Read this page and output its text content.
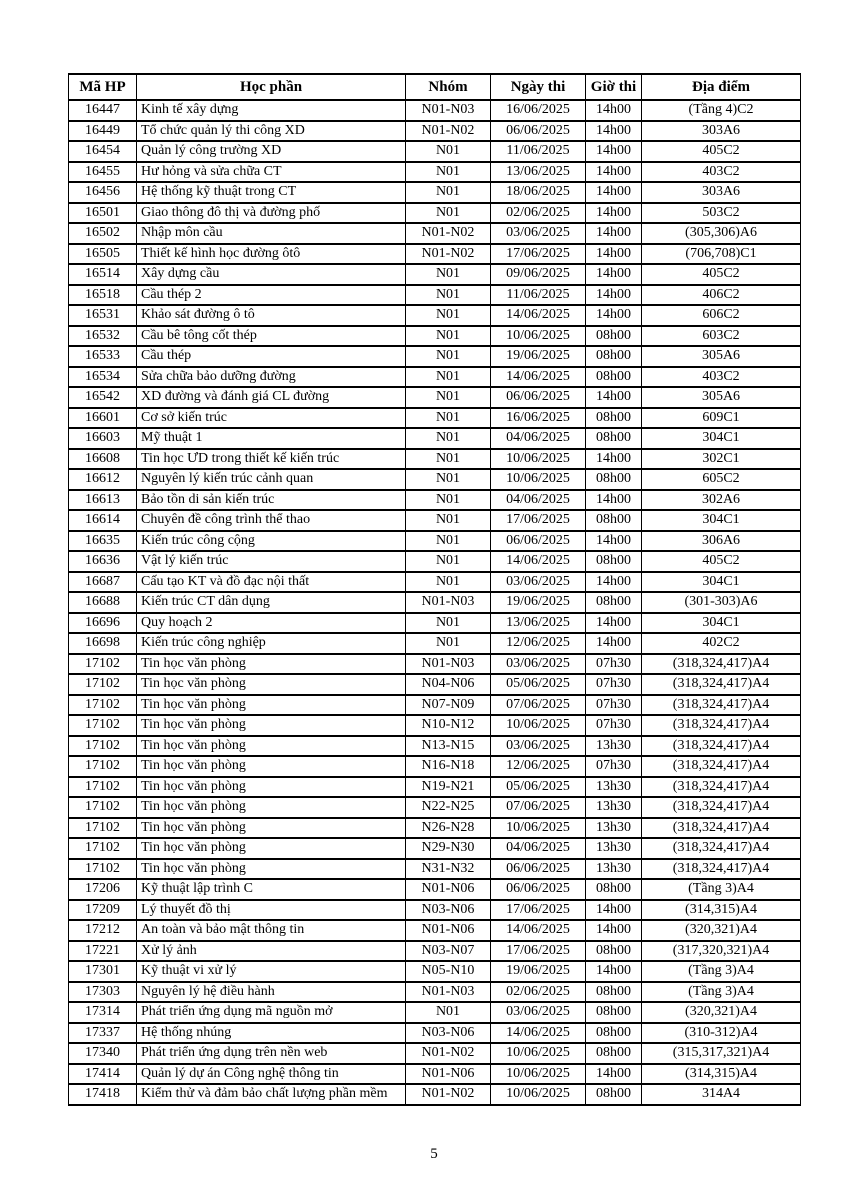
Mã HP	Học phần	Nhóm	Ngày thi	Giờ thi	Địa điểm
16447	Kinh tế xây dựng	N01-N03	16/06/2025	14h00	(Tầng 4)C2
16449	Tổ chức quản lý thi công XD	N01-N02	06/06/2025	14h00	303A6
16454	Quản lý công trường XD	N01	11/06/2025	14h00	405C2
16455	Hư hỏng và sửa chữa CT	N01	13/06/2025	14h00	403C2
16456	Hệ thống kỹ thuật trong CT	N01	18/06/2025	14h00	303A6
16501	Giao thông đô thị và đường phố	N01	02/06/2025	14h00	503C2
16502	Nhập môn cầu	N01-N02	03/06/2025	14h00	(305,306)A6
16505	Thiết kế hình học đường ôtô	N01-N02	17/06/2025	14h00	(706,708)C1
16514	Xây dựng cầu	N01	09/06/2025	14h00	405C2
16518	Cầu thép 2	N01	11/06/2025	14h00	406C2
16531	Khảo sát đường ô tô	N01	14/06/2025	14h00	606C2
16532	Cầu bê tông cốt thép	N01	10/06/2025	08h00	603C2
16533	Cầu thép	N01	19/06/2025	08h00	305A6
16534	Sửa chữa bảo dưỡng đường	N01	14/06/2025	08h00	403C2
16542	XD đường và đánh giá CL đường	N01	06/06/2025	14h00	305A6
16601	Cơ sở kiến trúc	N01	16/06/2025	08h00	609C1
16603	Mỹ thuật 1	N01	04/06/2025	08h00	304C1
16608	Tin học ƯD trong thiết kế kiến trúc	N01	10/06/2025	14h00	302C1
16612	Nguyên lý kiến trúc cảnh quan	N01	10/06/2025	08h00	605C2
16613	Bảo tồn di sản kiến trúc	N01	04/06/2025	14h00	302A6
16614	Chuyên đề công trình thể thao	N01	17/06/2025	08h00	304C1
16635	Kiến trúc công cộng	N01	06/06/2025	14h00	306A6
16636	Vật lý kiến trúc	N01	14/06/2025	08h00	405C2
16687	Cấu tạo KT và đồ đạc nội thất	N01	03/06/2025	14h00	304C1
16688	Kiến trúc CT dân dụng	N01-N03	19/06/2025	08h00	(301-303)A6
16696	Quy hoạch 2	N01	13/06/2025	14h00	304C1
16698	Kiến trúc công nghiệp	N01	12/06/2025	14h00	402C2
17102	Tin học văn phòng	N01-N03	03/06/2025	07h30	(318,324,417)A4
17102	Tin học văn phòng	N04-N06	05/06/2025	07h30	(318,324,417)A4
17102	Tin học văn phòng	N07-N09	07/06/2025	07h30	(318,324,417)A4
17102	Tin học văn phòng	N10-N12	10/06/2025	07h30	(318,324,417)A4
17102	Tin học văn phòng	N13-N15	03/06/2025	13h30	(318,324,417)A4
17102	Tin học văn phòng	N16-N18	12/06/2025	07h30	(318,324,417)A4
17102	Tin học văn phòng	N19-N21	05/06/2025	13h30	(318,324,417)A4
17102	Tin học văn phòng	N22-N25	07/06/2025	13h30	(318,324,417)A4
17102	Tin học văn phòng	N26-N28	10/06/2025	13h30	(318,324,417)A4
17102	Tin học văn phòng	N29-N30	04/06/2025	13h30	(318,324,417)A4
17102	Tin học văn phòng	N31-N32	06/06/2025	13h30	(318,324,417)A4
17206	Kỹ thuật lập trình C	N01-N06	06/06/2025	08h00	(Tầng 3)A4
17209	Lý thuyết đồ thị	N03-N06	17/06/2025	14h00	(314,315)A4
17212	An toàn và bảo mật thông tin	N01-N06	14/06/2025	14h00	(320,321)A4
17221	Xử lý ảnh	N03-N07	17/06/2025	08h00	(317,320,321)A4
17301	Kỹ thuật vi xử lý	N05-N10	19/06/2025	14h00	(Tầng 3)A4
17303	Nguyên lý hệ điều hành	N01-N03	02/06/2025	08h00	(Tầng 3)A4
17314	Phát triển ứng dụng mã nguồn mở	N01	03/06/2025	08h00	(320,321)A4
17337	Hệ thống nhúng	N03-N06	14/06/2025	08h00	(310-312)A4
17340	Phát triển ứng dụng trên nền web	N01-N02	10/06/2025	08h00	(315,317,321)A4
17414	Quản lý dự án Công nghệ thông tin	N01-N06	10/06/2025	14h00	(314,315)A4
17418	Kiểm thử và đảm bảo chất lượng phần mềm	N01-N02	10/06/2025	08h00	314A4
5
